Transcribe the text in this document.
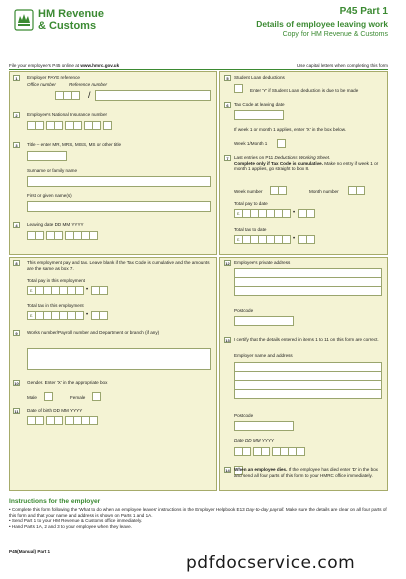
HM Revenue
& Customs
P45 Part 1
Details of employee leaving work
Copy for HM Revenue & Customs
File your employee's P45 online at www.hmrc.gov.uk	Use capital letters when completing this form
1	Employer PAYE reference
Office number	Reference number
/
2	Employee's National Insurance number
3	Title – enter MR, MRS, MISS, MS or other title
Surname or family name
First or given name(s)
4	Leaving date DD MM YYYY
5	Student Loan deductions
Enter 'Y' if Student Loan deduction is due to be made
6	Tax Code at leaving date
If week 1 or month 1 applies, enter 'X' in the box below.
Week 1/Month 1
7	Last entries on P11 Deductions Working Sheet.
Complete only if Tax Code is cumulative. Make no entry if week 1 or month 1 applies, go straight to box 8.
Week number	Month number
Total pay to date
£	•
Total tax to date
£	•
8	This employment pay and tax. Leave blank if the Tax Code is cumulative and the amounts are the same as box 7.
Total pay in this employment
£	•
Total tax in this employment
£	•
9	Works number/Payroll number and Department or branch (if any)
10 Gender. Enter 'X' in the appropriate box
Male	Female
11	Date of birth DD MM YYYY
12 Employee's private address
Postcode
13 I certify that the details entered in items 1 to 11 on this form are correct.
Employer name and address
Postcode
Date DD MM YYYY
14 When an employee dies. If the employee has died enter 'D' in the box and send all four parts of this form to your HMRC office immediately.
Instructions for the employer
• Complete this form following the 'What to do when an employee leaves' instructions in the Employer Helpbook E13 Day-to-day payroll. Make sure the details are clear on all four parts of this form and that your name and address is shown on Parts 1 and 1A.
• Send Part 1 to your HM Revenue & Customs office immediately.
• Hand Parts 1A, 2 and 3 to your employee when they leave.
P45(Manual) Part 1
pdfdocservice.com
